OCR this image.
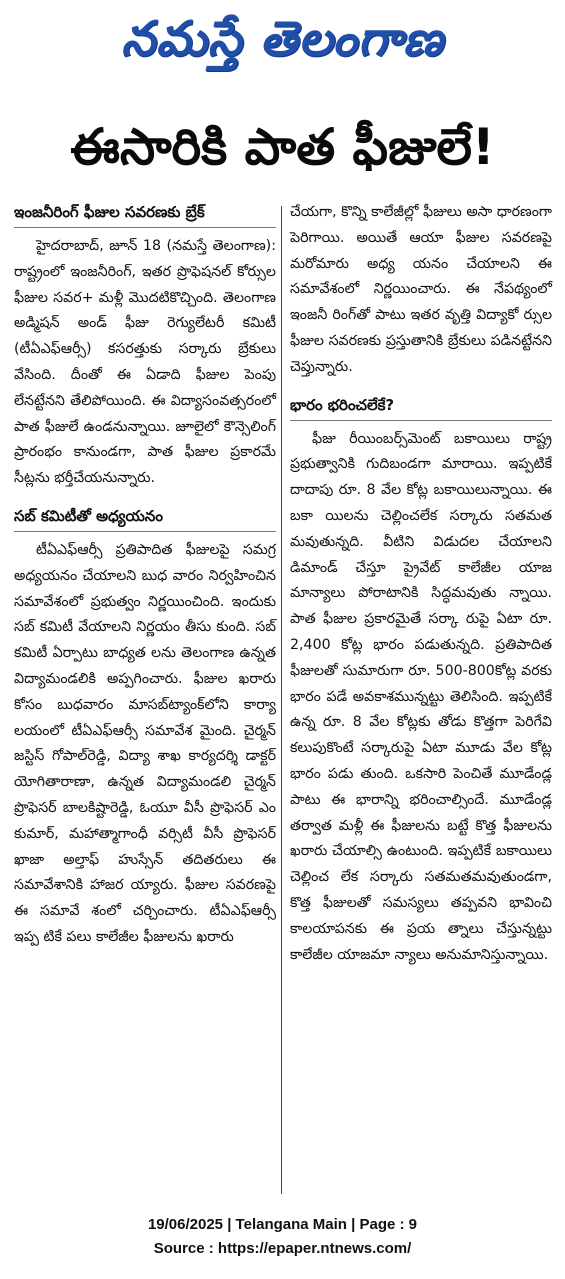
నమస్తే తెలంగాణ
ఈసారికి పాత ఫీజులే!
ఇంజనీరింగ్‌ ఫీజుల సవరణకు బ్రేక్‌

హైదరాబాద్‌, జూన్‌ 18 (నమస్తే తెలంగాణ): రాష్ట్రంలో ఇంజనీరింగ్‌, ఇతర ప్రొఫెషనల్‌ కోర్సుల ఫీజుల సవర+ మళ్లీ మొదటికొచ్చింది. తెలంగాణ అడ్మిషన్‌ అండ్‌ ఫీజు రెగ్యులేటరీ కమిటీ (టీఏఎఫ్‌ఆర్సీ) కసరత్తుకు సర్కారు బ్రేకులు వేసింది. దీంతో ఈ ఏడాది ఫీజుల పెంపు లేనట్టేనని తేలిపోయింది. ఈ విద్యాసంవత్సరంలో పాత ఫీజులే ఉండనున్నాయి. జూలైలో కౌన్సెలింగ్‌ ప్రారంభం కానుండగా, పాత ఫీజుల ప్రకారమే సీట్లను భర్తీచేయనున్నారు.

సబ్‌ కమిటీతో అధ్యయనం

టీఏఎఫ్‌ఆర్సీ ప్రతిపాదిత ఫీజులపై సమగ్ర అధ్యయనం చేయాలని బుధ వారం నిర్వహించిన సమావేశంలో ప్రభుత్వం నిర్ణయించింది. ఇందుకు సబ్‌ కమిటీ వేయాలని నిర్ణయం తీసు కుంది. సబ్‌ కమిటీ ఏర్పాటు బాధ్యత లను తెలంగాణ ఉన్నత విద్యామండలికి అప్పగించారు. ఫీజుల ఖరారు కోసం బుధవారం మాసబ్‌ట్యాంక్‌లోని కార్యా లయంలో టీఏఎఫ్‌ఆర్సీ సమావేశ మైంది. చైర్మన్‌ జస్టిస్‌ గోపాల్‌రెడ్డి, విద్యా శాఖ కార్యదర్శి డాక్టర్‌ యోగితారాణా, ఉన్నత విద్యామండలి చైర్మన్‌ ప్రొఫెసర్‌ బాలకిష్టారెడ్డి, ఓయూ వీసీ ప్రొఫెసర్‌ ఎం కుమార్‌, మహాత్మాగాంధీ వర్సిటీ వీసీ ప్రొఫెసర్‌ ఖాజా అల్తాఫ్‌ హుస్సేన్‌ తదితరులు ఈ సమావేశానికి హాజర య్యారు. ఫీజుల సవరణపై ఈ సమావే శంలో చర్చించారు. టీఏఎఫ్‌ఆర్సీ ఇప్ప టికే పలు కాలేజీల ఫీజులను ఖరారు

చేయగా, కొన్ని కాలేజీల్లో ఫీజులు అసా ధారణంగా పెరిగాయి. అయితే ఆయా ఫీజుల సవరణపై మరోమారు అధ్య యనం చేయాలని ఈ సమావేశంలో నిర్ణయించారు. ఈ నేపథ్యంలో ఇంజనీ రింగ్‌తో పాటు ఇతర వృత్తి విద్యాకో ర్సుల ఫీజుల సవరణకు ప్రస్తుతానికి బ్రేకులు పడినట్టేనని చెప్తున్నారు.

భారం భరించలేకే?

ఫీజు రీయింబర్స్‌మెంట్‌ బకాయిలు రాష్ట్ర ప్రభుత్వానికి గుదిబండగా మారాయి. ఇప్పటికే దాదాపు రూ. 8 వేల కోట్ల బకాయిలున్నాయి. ఈ బకా యిలను చెల్లించలేక సర్కారు సతమత మవుతున్నది. వీటిని విడుదల చేయాలని డిమాండ్‌ చేస్తూ ప్రైవేట్‌ కాలేజీల యాజ మాన్యాలు పోరాటానికి సిద్ధమవుతు న్నాయి. పాత ఫీజుల ప్రకారమైతే సర్కా రుపై ఏటా రూ. 2,400 కోట్ల భారం పడుతున్నది. ప్రతిపాదిత ఫీజులతో సుమారుగా రూ. 500-800కోట్ల వరకు భారం పడే అవకాశమున్నట్టు తెలిసింది. ఇప్పటికే ఉన్న రూ. 8 వేల కోట్లకు తోడు కొత్తగా పెరిగేవి కలుపుకొంటే సర్కారుపై ఏటా మూడు వేల కోట్ల భారం పడు తుంది. ఒకసారి పెంచితే మూడేండ్ల పాటు ఈ భారాన్ని భరించాల్సిందే. మూడేండ్ల తర్వాత మళ్లీ ఈ ఫీజులను బట్టే కొత్త ఫీజులను ఖరారు చేయాల్సి ఉంటుంది. ఇప్పటికే బకాయిలు చెల్లించ లేక సర్కారు సతమతమవుతుండగా, కొత్త ఫీజులతో సమస్యలు తప్పవని భావించి కాలయాపనకు ఈ ప్రయ త్నాలు చేస్తున్నట్టు కాలేజీల యాజమా న్యాలు అనుమానిస్తున్నాయి.

19/06/2025 | Telangana Main | Page : 9
Source : https://epaper.ntnews.com/
